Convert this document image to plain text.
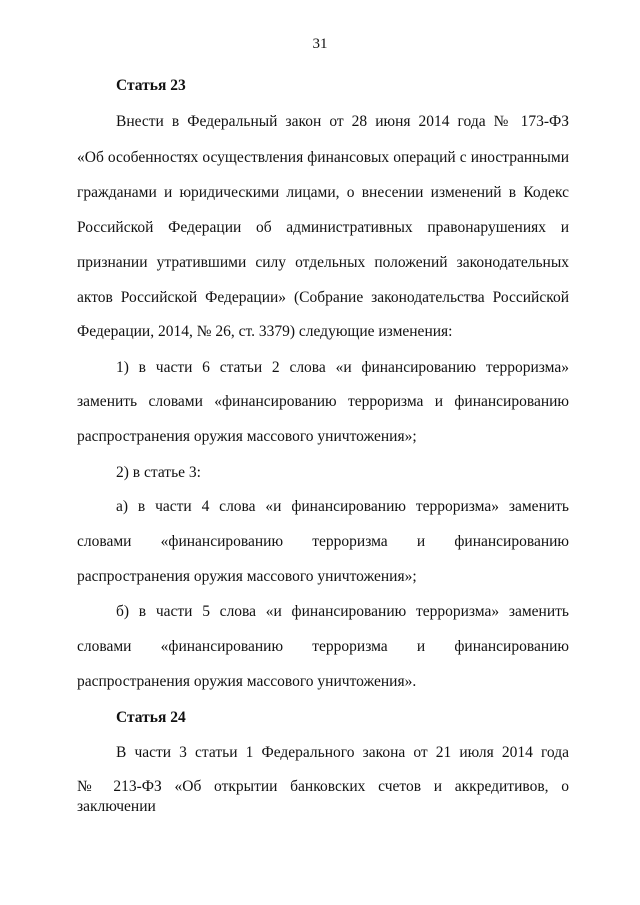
31
Статья 23
Внести в Федеральный закон от 28 июня 2014 года № 173-ФЗ
«Об особенностях осуществления финансовых операций с иностранными
гражданами и юридическими лицами, о внесении изменений в Кодекс
Российской Федерации об административных правонарушениях и
признании утратившими силу отдельных положений законодательных
актов Российской Федерации» (Собрание законодательства Российской
Федерации, 2014, № 26, ст. 3379) следующие изменения:
1) в части 6 статьи 2 слова «и финансированию терроризма»
заменить словами «финансированию терроризма и финансированию
распространения оружия массового уничтожения»;
2) в статье 3:
а) в части 4 слова «и финансированию терроризма» заменить
словами «финансированию терроризма и финансированию
распространения оружия массового уничтожения»;
б) в части 5 слова «и финансированию терроризма» заменить
словами «финансированию терроризма и финансированию
распространения оружия массового уничтожения».
Статья 24
В части 3 статьи 1 Федерального закона от 21 июля 2014 года
№ 213-ФЗ «Об открытии банковских счетов и аккредитивов, о заключении
